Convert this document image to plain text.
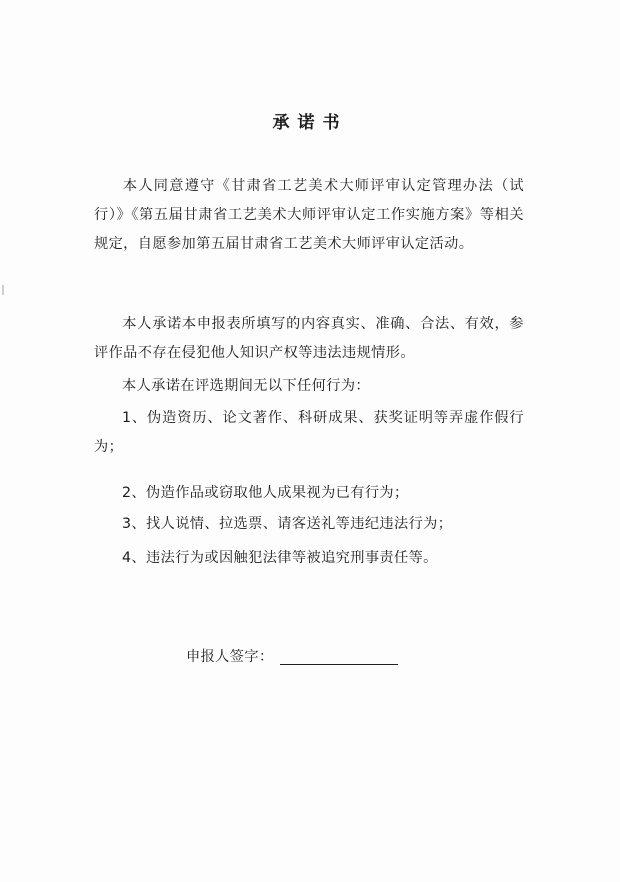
承诺书
本人同意遵守《甘肃省工艺美术大师评审认定管理办法（试行）》《第五届甘肃省工艺美术大师评审认定工作实施方案》等相关规定，自愿参加第五届甘肃省工艺美术大师评审认定活动。
本人承诺本申报表所填写的内容真实、准确、合法、有效，参评作品不存在侵犯他人知识产权等违法违规情形。
本人承诺在评选期间无以下任何行为：
1、伪造资历、论文著作、科研成果、获奖证明等弄虚作假行为；
2、伪造作品或窃取他人成果视为已有行为；
3、找人说情、拉选票、请客送礼等违纪违法行为；
4、违法行为或因触犯法律等被追究刑事责任等。
申报人签字：
